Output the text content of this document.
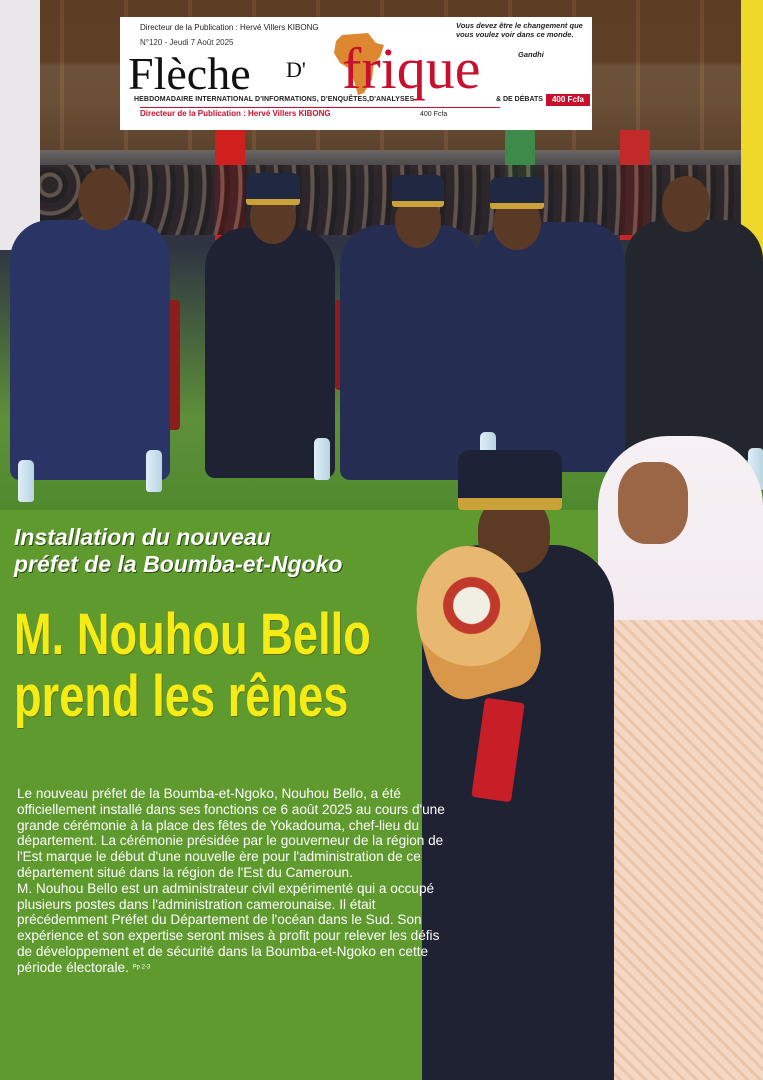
Directeur de la Publication : Hervé Villers KIBONG
N°120 - Jeudi 7 Août 2025
Flèche D' frique
Vous devez être le changement que vous voulez voir dans ce monde.
Gandhi
HEBDOMADAIRE INTERNATIONAL D'INFORMATIONS, D'ENQUÊTES,D'ANALYSES	& DE DÉBATS	400 Fcfa
Directeur de la Publication : Hervé Villers KIBONG	400 Fcfa
Installation du nouveau
préfet de la Boumba-et-Ngoko
M. Nouhou Bello
prend les rênes

Le nouveau préfet de la Boumba-et-Ngoko, Nouhou Bello, a été officiellement installé dans ses fonctions ce 6 août 2025 au cours d'une grande cérémonie à la place des fêtes de Yokadouma, chef-lieu du département. La cérémonie présidée par le gouverneur de la région de l'Est marque le début d'une nouvelle ère pour l'administration de ce département situé dans la région de l'Est du Cameroun.

M. Nouhou Bello est un administrateur civil expérimenté qui a occupé plusieurs postes dans l'administration camerounaise. Il était précédemment Préfet du Département de l'océan dans le Sud. Son expérience et son expertise seront mises à profit pour relever les défis de développement et de sécurité dans la Boumba-et-Ngoko en cette période électorale. Pp 2-3
